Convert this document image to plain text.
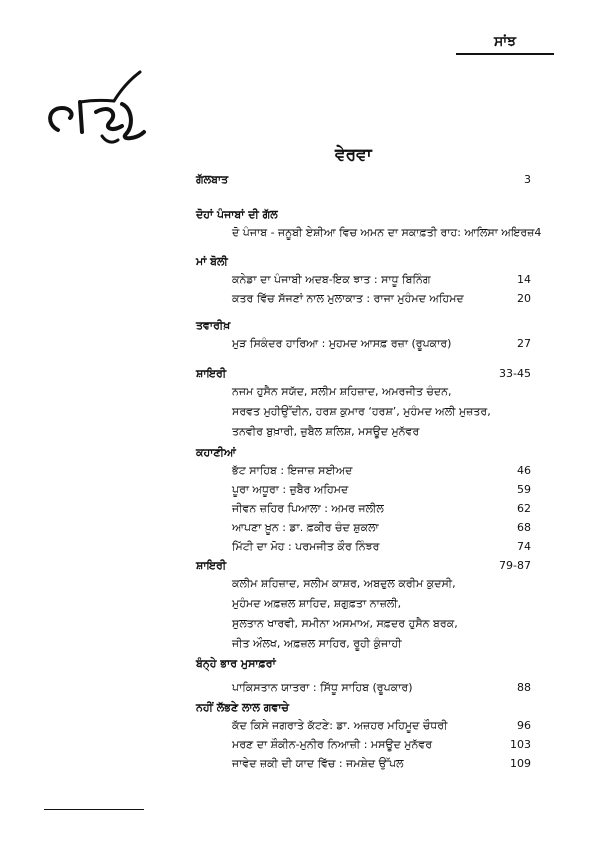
ਸਾਂਝ
ਵੇਰਵਾ
ਗੱਲਬਾਤ	3
ਦੋਹਾਂ ਪੰਜਾਬਾਂ ਦੀ ਗੱਲ
ਦੋ ਪੰਜਾਬ - ਜਨੂਬੀ ਏਸ਼ੀਆ ਵਿਚ ਅਮਨ ਦਾ ਸਕਾਫ਼ਤੀ ਰਾਹ: ਆਲਿਸਾ ਅਇਰਜ਼ 4
ਮਾਂ ਬੋਲੀ
ਕਨੇਡਾ ਦਾ ਪੰਜਾਬੀ ਅਦਬ-ਇਕ ਝਾਤ : ਸਾਧੂ ਬਿਨਿੰਗ	14
ਕਤਰ ਵਿੱਚ ਸੱਜਣਾਂ ਨਾਲ ਮੁਲਾਕਾਤ : ਰਾਜਾ ਮੁਹੰਮਦ ਅਹਿਮਦ	20
ਤਵਾਰੀਖ਼
ਮੁੜ ਸਿਕੰਦਰ ਹਾਰਿਆ : ਮੁਹਮਦ ਆਸਫ਼ ਰਜ਼ਾ (ਰੂਪਕਾਰ)	27
ਸ਼ਾਇਰੀ	33-45
ਨਜਮ ਹੁਸੈਨ ਸਯੱਦ, ਸਲੀਮ ਸ਼ਹਿਜ਼ਾਦ, ਅਮਰਜੀਤ ਚੰਦਨ,
ਸਰਵਤ ਮੁਹੀਉੱਦੀਨ, ਹਰਸ਼ ਕੁਮਾਰ ‘ਹਰਸ਼’, ਮੁਹੰਮਦ ਅਲੀ ਮੁਜ਼ਤਰ,
ਤਨਵੀਰ ਬੁਖ਼ਾਰੀ, ਜ਼ੁਬੈਲ ਸ਼ਲਿਸ਼, ਮਸਊਦ ਮੁਨੱਵਰ
ਕਹਾਣੀਆਂ
ਭੱਟ ਸਾਹਿਬ : ਇਜਾਜ਼ ਸਈਅਦ	46
ਪੂਰਾ ਅਧੂਰਾ : ਜ਼ੁਬੈਰ ਅਹਿਮਦ	59
ਜੀਵਨ ਜ਼ਹਿਰ ਪਿਆਲਾ : ਅਮਰ ਜਲੀਲ	62
ਆਪਣਾ ਖ਼ੂਨ : ਡਾ. ਫ਼ਕੀਰ ਚੰਦ ਸ਼ੁਕਲਾ	68
ਮਿੱਟੀ ਦਾ ਮੋਹ : ਪਰਮਜੀਤ ਕੌਰ ਨਿੰਝਰ	74
ਸ਼ਾਇਰੀ	79-87
ਕਲੀਮ ਸ਼ਹਿਜ਼ਾਦ, ਸਲੀਮ ਕਾਸ਼ਰ, ਅਬਦੁਲ ਕਰੀਮ ਕੁਦਸੀ,
ਮੁਹੰਮਦ ਅਫ਼ਜ਼ਲ ਸ਼ਾਹਿਦ, ਸ਼ਗੁਫ਼ਤਾ ਨਾਜ਼ਲੀ,
ਸੁਲਤਾਨ ਖਾਰਵੀ, ਸਮੀਨਾ ਅਸਮਾਅ, ਸਫ਼ਦਰ ਹੁਸੈਨ ਬਰਕ,
ਜੀਤ ਔਲਖ, ਅਫ਼ਜ਼ਲ ਸਾਹਿਰ, ਰੂਹੀ ਕੁੰਜਾਹੀ
ਬੰਨ੍ਹੇ ਭਾਰ ਮੁਸਾਫ਼ਰਾਂ
ਪਾਕਿਸਤਾਨ ਯਾਤਰਾ : ਸਿੱਧੂ ਸਾਹਿਬ (ਰੂਪਕਾਰ)	88
ਨਹੀਂ ਲੱਭਣੇ ਲਾਲ ਗਵਾਚੇ
ਕੱਦ ਕਿਸੇ ਜਗਰਾਤੇ ਕੱਟਣੇ: ਡਾ. ਅਜ਼ਹਰ ਮਹਿਮੂਦ ਚੌਧਰੀ	96
ਮਰਣ ਦਾ ਸ਼ੌਕੀਨ-ਮੁਨੀਰ ਨਿਆਜ਼ੀ : ਮਸਊਦ ਮੁਨੱਵਰ	103
ਜਾਵੇਦ ਜ਼ਕੀ ਦੀ ਯਾਦ ਵਿੱਚ : ਜਮਸ਼ੇਦ ਉੱਪਲ	109
